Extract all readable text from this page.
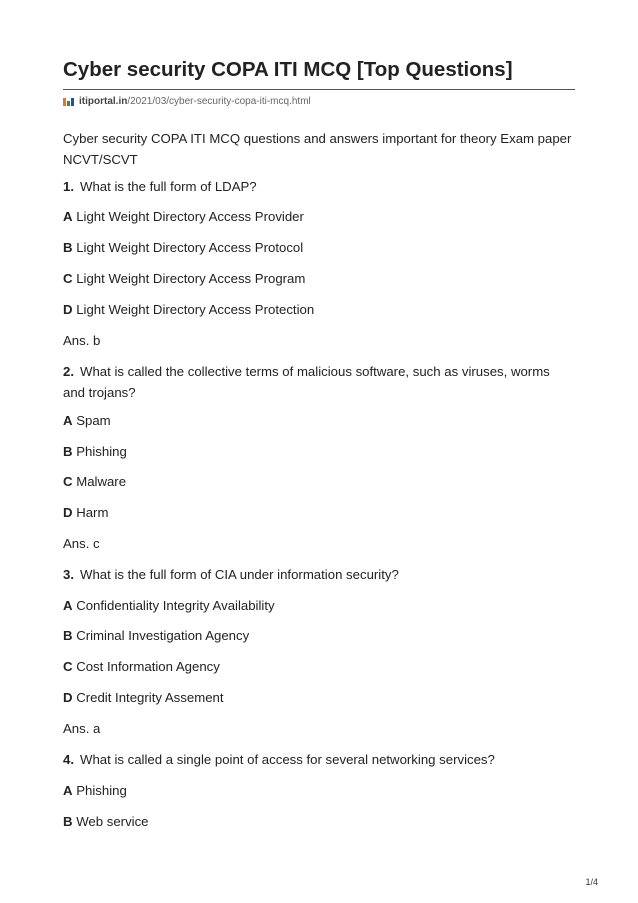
Cyber security COPA ITI MCQ [Top Questions]
itiportal.in /2021/03/cyber-security-copa-iti-mcq.html
Cyber security COPA ITI MCQ questions and answers important for theory Exam paper NCVT/SCVT
1. What is the full form of LDAP?
A Light Weight Directory Access Provider
B Light Weight Directory Access Protocol
C Light Weight Directory Access Program
D Light Weight Directory Access Protection
Ans. b
2. What is called the collective terms of malicious software, such as viruses, worms and trojans?
A Spam
B Phishing
C Malware
D Harm
Ans. c
3. What is the full form of CIA under information security?
A Confidentiality Integrity Availability
B Criminal Investigation Agency
C Cost Information Agency
D Credit Integrity Assement
Ans. a
4. What is called a single point of access for several networking services?
A Phishing
B Web service
1/4
